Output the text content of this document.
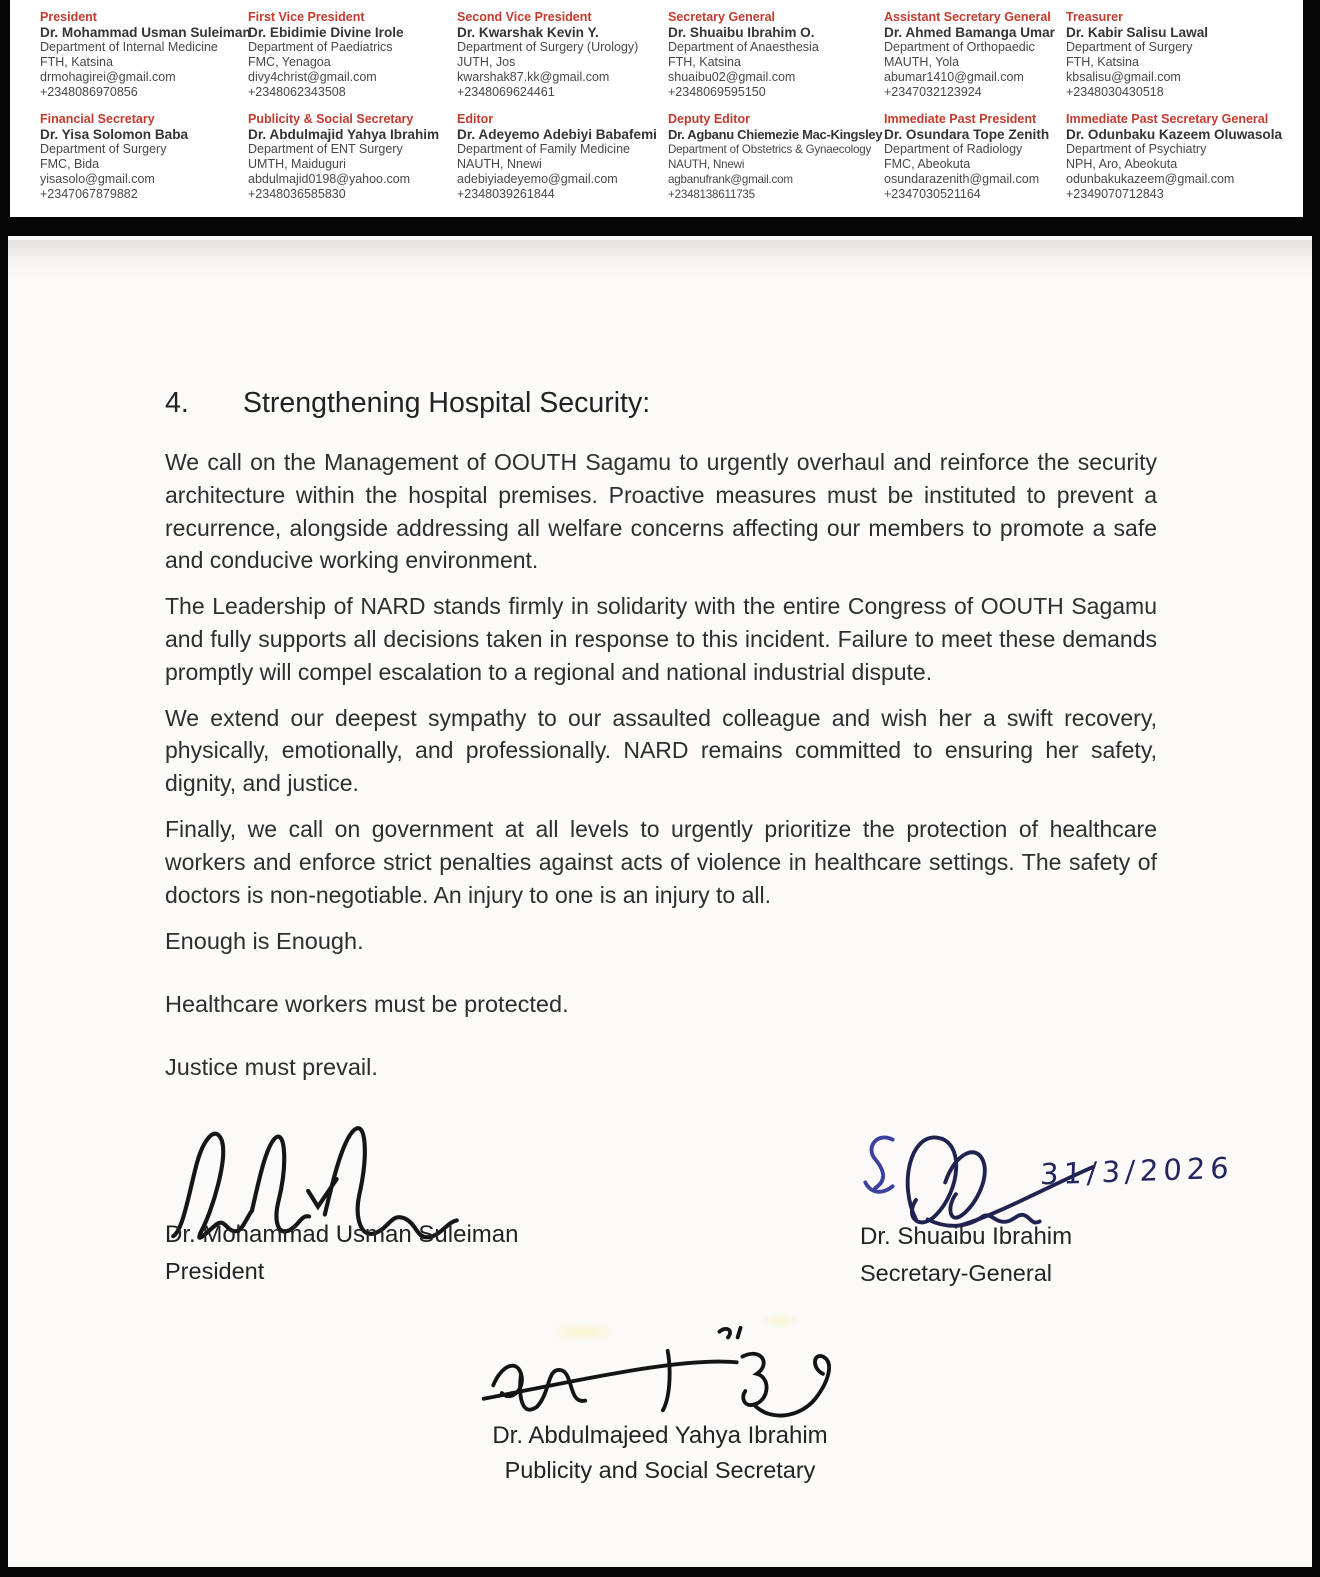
President
Dr. Mohammad Usman Suleiman
Department of Internal Medicine
FTH, Katsina
drmohagirei@gmail.com
+2348086970856
First Vice President
Dr. Ebidimie Divine Irole
Department of Paediatrics
FMC, Yenagoa
divy4christ@gmail.com
+2348062343508
Second Vice President
Dr. Kwarshak Kevin Y.
Department of Surgery (Urology)
JUTH, Jos
kwarshak87.kk@gmail.com
+2348069624461
Secretary General
Dr. Shuaibu Ibrahim O.
Department of Anaesthesia
FTH, Katsina
shuaibu02@gmail.com
+2348069595150
Assistant Secretary General
Dr. Ahmed Bamanga Umar
Department of Orthopaedic
MAUTH, Yola
abumar1410@gmail.com
+2347032123924
Treasurer
Dr. Kabir Salisu Lawal
Department of Surgery
FTH, Katsina
kbsalisu@gmail.com
+2348030430518
Financial Secretary
Dr. Yisa Solomon Baba
Department of Surgery
FMC, Bida
yisasolo@gmail.com
+2347067879882
Publicity & Social Secretary
Dr. Abdulmajid Yahya Ibrahim
Department of ENT Surgery
UMTH, Maiduguri
abdulmajid0198@yahoo.com
+2348036585830
Editor
Dr. Adeyemo Adebiyi Babafemi
Department of Family Medicine
NAUTH, Nnewi
adebiyiadeyemo@gmail.com
+2348039261844
Deputy Editor
Dr. Agbanu Chiemezie Mac-Kingsley
Department of Obstetrics & Gynaecology
NAUTH, Nnewi
agbanufrank@gmail.com
+2348138611735
Immediate Past President
Dr. Osundara Tope Zenith
Department of Radiology
FMC, Abeokuta
osundarazenith@gmail.com
+2347030521164
Immediate Past Secretary General
Dr. Odunbaku Kazeem Oluwasola
Department of Psychiatry
NPH, Aro, Abeokuta
odunbakukazeem@gmail.com
+2349070712843
4.	Strengthening Hospital Security:

We call on the Management of OOUTH Sagamu to urgently overhaul and reinforce the security architecture within the hospital premises. Proactive measures must be instituted to prevent a recurrence, alongside addressing all welfare concerns affecting our members to promote a safe and conducive working environment.

The Leadership of NARD stands firmly in solidarity with the entire Congress of OOUTH Sagamu and fully supports all decisions taken in response to this incident. Failure to meet these demands promptly will compel escalation to a regional and national industrial dispute.

We extend our deepest sympathy to our assaulted colleague and wish her a swift recovery, physically, emotionally, and professionally. NARD remains committed to ensuring her safety, dignity, and justice.

Finally, we call on government at all levels to urgently prioritize the protection of healthcare workers and enforce strict penalties against acts of violence in healthcare settings. The safety of doctors is non-negotiable. An injury to one is an injury to all.

Enough is Enough.
Healthcare workers must be protected.
Justice must prevail.
Dr. Mohammad Usman Suleiman
President
31/3/2026
Dr. Shuaibu Ibrahim
Secretary-General
Dr. Abdulmajeed Yahya Ibrahim
Publicity and Social Secretary
